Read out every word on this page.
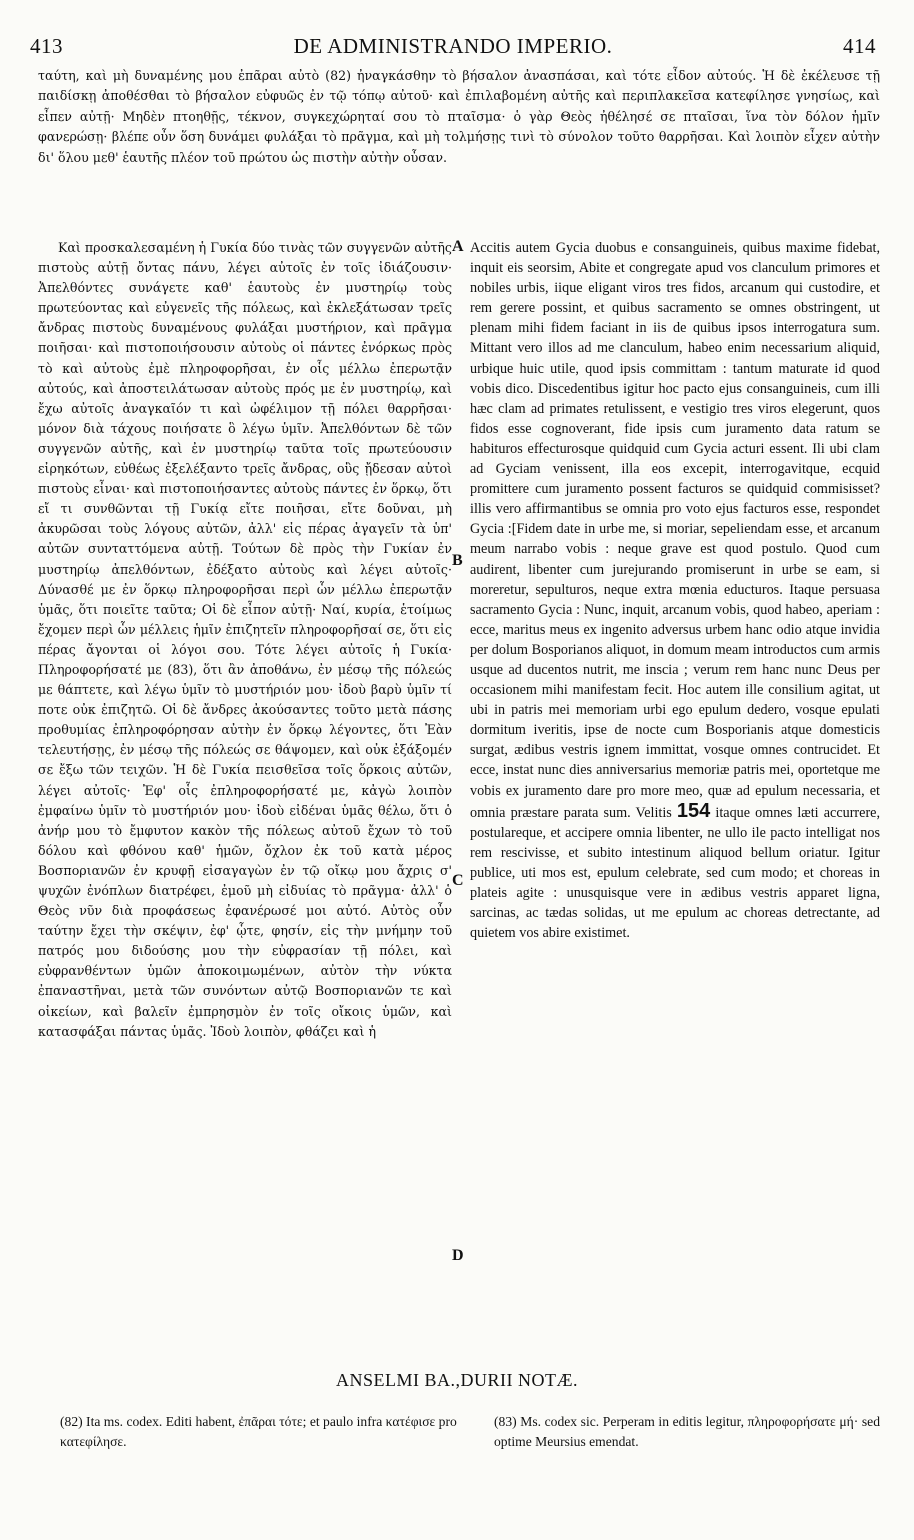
413	DE ADMINISTRANDO IMPERIO.	414

ταύτη, καὶ μὴ δυναμένης μου ἐπᾶραι αὐτὸ (82) ἠναγκάσθην τὸ βήσαλον ἀνασπάσαι, καὶ τότε εἶδον αὐτούς. Ἡ δὲ ἐκέλευσε τῇ παιδίσκῃ ἀποθέσθαι τὸ βήσαλον εὐφυῶς ἐν τῷ τόπῳ αὐτοῦ· καὶ ἐπιλαβομένη αὐτῆς καὶ περιπλακεῖσα κατεφίλησε γνησίως, καὶ εἶπεν αὐτῇ· Μηδὲν πτοηθῇς, τέκνον, συγκεχώρηταί σου τὸ πταῖσμα· ὁ γὰρ Θεὸς ἠθέλησέ σε πταῖσαι, ἵνα τὸν δόλον ἡμῖν φανερώσῃ· βλέπε οὖν ὅση δυνάμει φυλάξαι τὸ πρᾶγμα, καὶ μὴ τολμήσῃς τινὶ τὸ σύνολον τοῦτο θαρρῆσαι. Καὶ λοιπὸν εἶχεν αὐτὴν δι' ὅλου μεθ' ἑαυτῆς πλέον τοῦ πρώτου ὡς πιστὴν αὐτὴν οὖσαν.

Καὶ προσκαλεσαμένη ἡ Γυκία δύο τινὰς τῶν συγγενῶν αὐτῆς πιστοὺς αὐτῇ ὄντας πάνυ, λέγει αὐτοῖς ἐν τοῖς ἰδιάζουσιν· Ἀπελθόντες συνάγετε καθ' ἑαυτοὺς ἐν μυστηρίῳ τοὺς πρωτεύοντας καὶ εὐγενεῖς τῆς πόλεως, καὶ ἐκλεξάτωσαν τρεῖς ἄνδρας πιστοὺς δυναμένους φυλάξαι μυστήριον, καὶ πρᾶγμα ποιῆσαι· καὶ πιστοποιήσουσιν αὐτοὺς οἱ πάντες ἐνόρκως πρὸς τὸ καὶ αὐτοὺς ἐμὲ πληροφορῆσαι, ἐν οἷς μέλλω ἐπερωτᾷν αὐτούς, καὶ ἀποστειλάτωσαν αὐτοὺς πρός με ἐν μυστηρίῳ, καὶ ἔχω αὐτοῖς ἀναγκαῖόν τι καὶ ὠφέλιμον τῇ πόλει θαρρῆσαι· μόνον διὰ τάχους ποιήσατε ὃ λέγω ὑμῖν. Ἀπελθόντων δὲ τῶν συγγενῶν αὐτῆς, καὶ ἐν μυστηρίῳ ταῦτα τοῖς πρωτεύουσιν εἰρηκότων, εὐθέως ἐξελέξαντο τρεῖς ἄνδρας, οὓς ᾔδεσαν αὐτοὶ πιστοὺς εἶναι· καὶ πιστοποιήσαντες αὐτοὺς πάντες ἐν ὅρκῳ, ὅτι εἴ τι συνθῶνται τῇ Γυκίᾳ εἴτε ποιῆσαι, εἴτε δοῦναι, μὴ ἀκυρῶσαι τοὺς λόγους αὐτῶν, ἀλλ' εἰς πέρας ἀγαγεῖν τὰ ὑπ' αὐτῶν συνταττόμενα αὐτῇ. Τούτων δὲ πρὸς τὴν Γυκίαν ἐν μυστηρίῳ ἀπελθόντων, ἐδέξατο αὐτοὺς καὶ λέγει αὐτοῖς· Δύνασθέ με ἐν ὅρκῳ πληροφορῆσαι περὶ ὧν μέλλω ἐπερωτᾷν ὑμᾶς, ὅτι ποιεῖτε ταῦτα; Οἱ δὲ εἶπον αὐτῇ· Ναί, κυρία, ἑτοίμως ἔχομεν περὶ ὧν μέλλεις ἡμῖν ἐπιζητεῖν πληροφορῆσαί σε, ὅτι εἰς πέρας ἄγονται οἱ λόγοι σου. Τότε λέγει αὐτοῖς ἡ Γυκία· Πληροφορήσατέ με (83), ὅτι ἂν ἀποθάνω, ἐν μέσῳ τῆς πόλεώς με θάπτετε, καὶ λέγω ὑμῖν τὸ μυστήριόν μου· ἰδοὺ βαρὺ ὑμῖν τί ποτε οὐκ ἐπιζητῶ. Οἱ δὲ ἄνδρες ἀκούσαντες τοῦτο μετὰ πάσης προθυμίας ἐπληροφόρησαν αὐτὴν ἐν ὅρκῳ λέγοντες, ὅτι Ἐὰν τελευτήσῃς, ἐν μέσῳ τῆς πόλεώς σε θάψομεν, καὶ οὐκ ἐξάξομέν σε ἔξω τῶν τειχῶν. Ἡ δὲ Γυκία πεισθεῖσα τοῖς ὅρκοις αὐτῶν, λέγει αὐτοῖς· Ἐφ' οἷς ἐπληροφορήσατέ με, κἀγὼ λοιπὸν ἐμφαίνω ὑμῖν τὸ μυστήριόν μου· ἰδοὺ εἰδέναι ὑμᾶς θέλω, ὅτι ὁ ἀνήρ μου τὸ ἔμφυτον κακὸν τῆς πόλεως αὐτοῦ ἔχων τὸ τοῦ δόλου καὶ φθόνου καθ' ἡμῶν, ὄχλον ἐκ τοῦ κατὰ μέρος Βοσποριανῶν ἐν κρυφῇ εἰσαγαγὼν ἐν τῷ οἴκῳ μου ἄχρις σ' ψυχῶν ἐνόπλων διατρέφει, ἐμοῦ μὴ εἰδυίας τὸ πρᾶγμα· ἀλλ' ὁ Θεὸς νῦν διὰ προφάσεως ἐφανέρωσέ μοι αὐτό. Αὐτὸς οὖν ταύτην ἔχει τὴν σκέψιν, ἐφ' ᾧτε, φησίν, εἰς τὴν μνήμην τοῦ πατρός μου διδούσης μου τὴν εὐφρασίαν τῇ πόλει, καὶ εὐφρανθέντων ὑμῶν ἀποκοιμωμένων, αὐτὸν τὴν νύκτα ἐπαναστῆναι, μετὰ τῶν συνόντων αὐτῷ Βοσποριανῶν τε καὶ οἰκείων, καὶ βαλεῖν ἐμπρησμὸν ἐν τοῖς οἴκοις ὑμῶν, καὶ κατασφάξαι πάντας ὑμᾶς. Ἰδοὺ λοιπὸν, φθάζει καὶ ἡ

A
B
C
D

Accitis autem Gycia duobus e consanguineis, quibus maxime fidebat, inquit eis seorsim, Abite et congregate apud vos clanculum primores et nobiles urbis, iique eligant viros tres fidos, arcanum qui custodire, et rem gerere possint, et quibus sacramento se omnes obstringent, ut plenam mihi fidem faciant in iis de quibus ipsos interrogatura sum. Mittant vero illos ad me clanculum, habeo enim necessarium aliquid, urbique huic utile, quod ipsis committam : tantum maturate id quod vobis dico. Discedentibus igitur hoc pacto ejus consanguineis, cum illi hæc clam ad primates retulissent, e vestigio tres viros elegerunt, quos fidos esse cognoverant, fide ipsis cum juramento data ratum se habituros effecturosque quidquid cum Gycia acturi essent. Ili ubi clam ad Gyciam venissent, illa eos excepit, interrogavitque, ecquid promittere cum juramento possent facturos se quidquid commisisset? illis vero affirmantibus se omnia pro voto ejus facturos esse, respondet Gycia :[Fidem date in urbe me, si moriar, sepeliendam esse, et arcanum meum narrabo vobis : neque grave est quod postulo. Quod cum audirent, libenter cum jurejurando promiserunt in urbe se eam, si moreretur, sepulturos, neque extra mœnia educturos. Itaque persuasa sacramento Gycia : Nunc, inquit, arcanum vobis, quod habeo, aperiam : ecce, maritus meus ex ingenito adversus urbem hanc odio atque invidia per dolum Bosporianos aliquot, in domum meam introductos cum armis usque ad ducentos nutrit, me inscia ; verum rem hanc nunc Deus per occasionem mihi manifestam fecit. Hoc autem ille consilium agitat, ut ubi in patris mei memoriam urbi ego epulum dedero, vosque epulati dormitum iveritis, ipse de nocte cum Bosporianis atque domesticis surgat, ædibus vestris ignem immittat, vosque omnes contrucidet. Et ecce, instat nunc dies anniversarius memoriæ patris mei, oportetque me vobis ex juramento dare pro more meo, quæ ad epulum necessaria, et omnia præstare parata sum. Velitis 154 itaque omnes læti accurrere, postulareque, et accipere omnia libenter, ne ullo ile pacto intelligat nos rem rescivisse, et subito intestinum aliquod bellum oriatur. Igitur publice, uti mos est, epulum celebrate, sed cum modo; et choreas in plateis agite : unusquisque vere in ædibus vestris apparet ligna, sarcinas, ac tædas solidas, ut me epulum ac choreas detrectante, ad quietem vos abire existimet.

ANSELMI BA.,DURII NOTÆ.

(82) Ita ms. codex. Editi habent, ἐπᾶραι τότε; et paulo infra κατέφισε pro κατεφίλησε.

(83) Ms. codex sic. Perperam in editis legitur, πληροφορήσατε μή· sed optime Meursius emendat.
